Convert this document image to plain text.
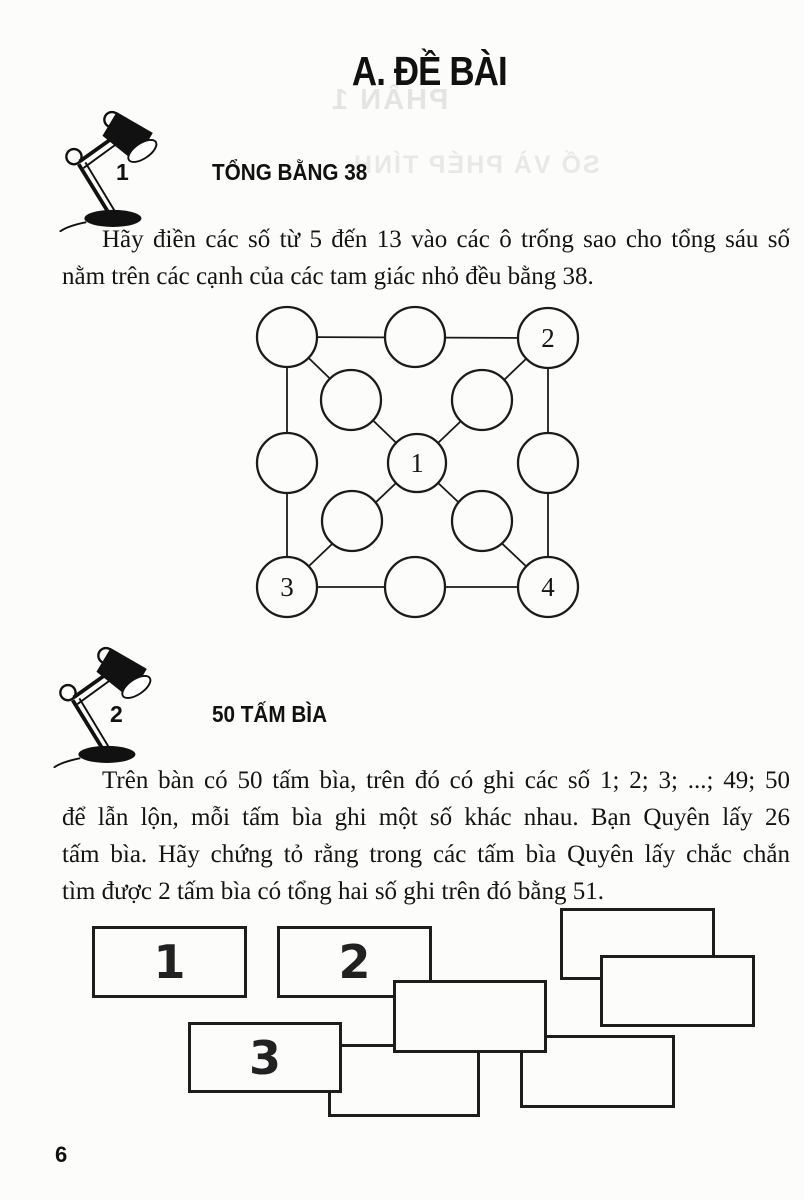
PHẦN 1
SỐ VÀ PHÉP TÍNH
A. ĐỀ BÀI
1	TỔNG BẰNG 38
Hãy điền các số từ 5 đến 13 vào các ô trống sao cho tổng sáu số
nằm trên các cạnh của các tam giác nhỏ đều bằng 38.
2
1
3	4
2	50 TẤM BÌA
Trên bàn có 50 tấm bìa, trên đó có ghi các số 1; 2; 3; ...; 49; 50
để lẫn lộn, mỗi tấm bìa ghi một số khác nhau. Bạn Quyên lấy 26
tấm bìa. Hãy chứng tỏ rằng trong các tấm bìa Quyên lấy chắc chắn
tìm được 2 tấm bìa có tổng hai số ghi trên đó bằng 51.
1	2
3
6
